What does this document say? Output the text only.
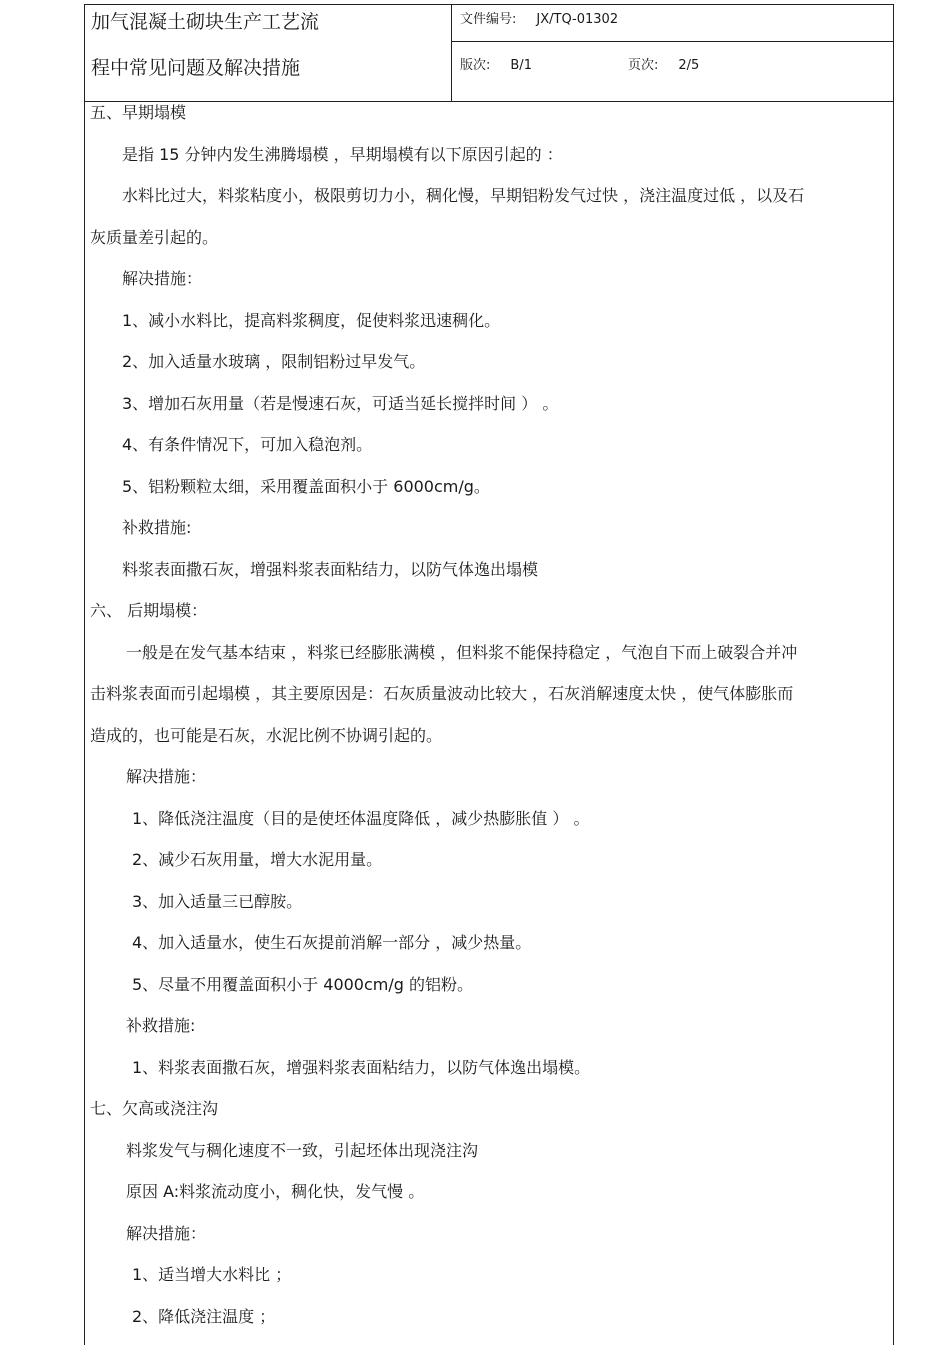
加气混凝土砌块生产工艺流
程中常见问题及解决措施
文件编号: JX/TQ-01302
版次: B/1	页次: 2/5
五、早期塌模
是指 15 分钟内发生沸腾塌模 ，早期塌模有以下原因引起的 ：
水料比过大，料浆粘度小，极限剪切力小，稠化慢，早期铝粉发气过快 ，浇注温度过低 ，以及石
灰质量差引起的。
解决措施：
1、减小水料比，提高料浆稠度，促使料浆迅速稠化。
2、加入适量水玻璃 ，限制铝粉过早发气。
3、增加石灰用量（若是慢速石灰，可适当延长搅拌时间 ） 。
4、有条件情况下，可加入稳泡剂。
5、铝粉颗粒太细，采用覆盖面积小于 6000cm/g。
补救措施:
料浆表面撒石灰，增强料浆表面粘结力，以防气体逸出塌模
六、 后期塌模：
一般是在发气基本结束 ，料浆已经膨胀满模 ，但料浆不能保持稳定 ，气泡自下而上破裂合并冲
击料浆表面而引起塌模 ，其主要原因是：石灰质量波动比较大 ，石灰消解速度太快 ，使气体膨胀而
造成的，也可能是石灰，水泥比例不协调引起的。
解决措施：
1、降低浇注温度（目的是使坯体温度降低 ，减少热膨胀值 ） 。
2、减少石灰用量，增大水泥用量。
3、加入适量三已醇胺。
4、加入适量水，使生石灰提前消解一部分 ，减少热量。
5、尽量不用覆盖面积小于 4000cm/g 的铝粉。
补救措施:
1、料浆表面撒石灰，增强料浆表面粘结力，以防气体逸出塌模。
七、欠高或浇注沟
料浆发气与稠化速度不一致，引起坯体出现浇注沟
原因 A:料浆流动度小，稠化快，发气慢 。
解决措施：
1、适当增大水料比 ；
2、降低浇注温度 ；
